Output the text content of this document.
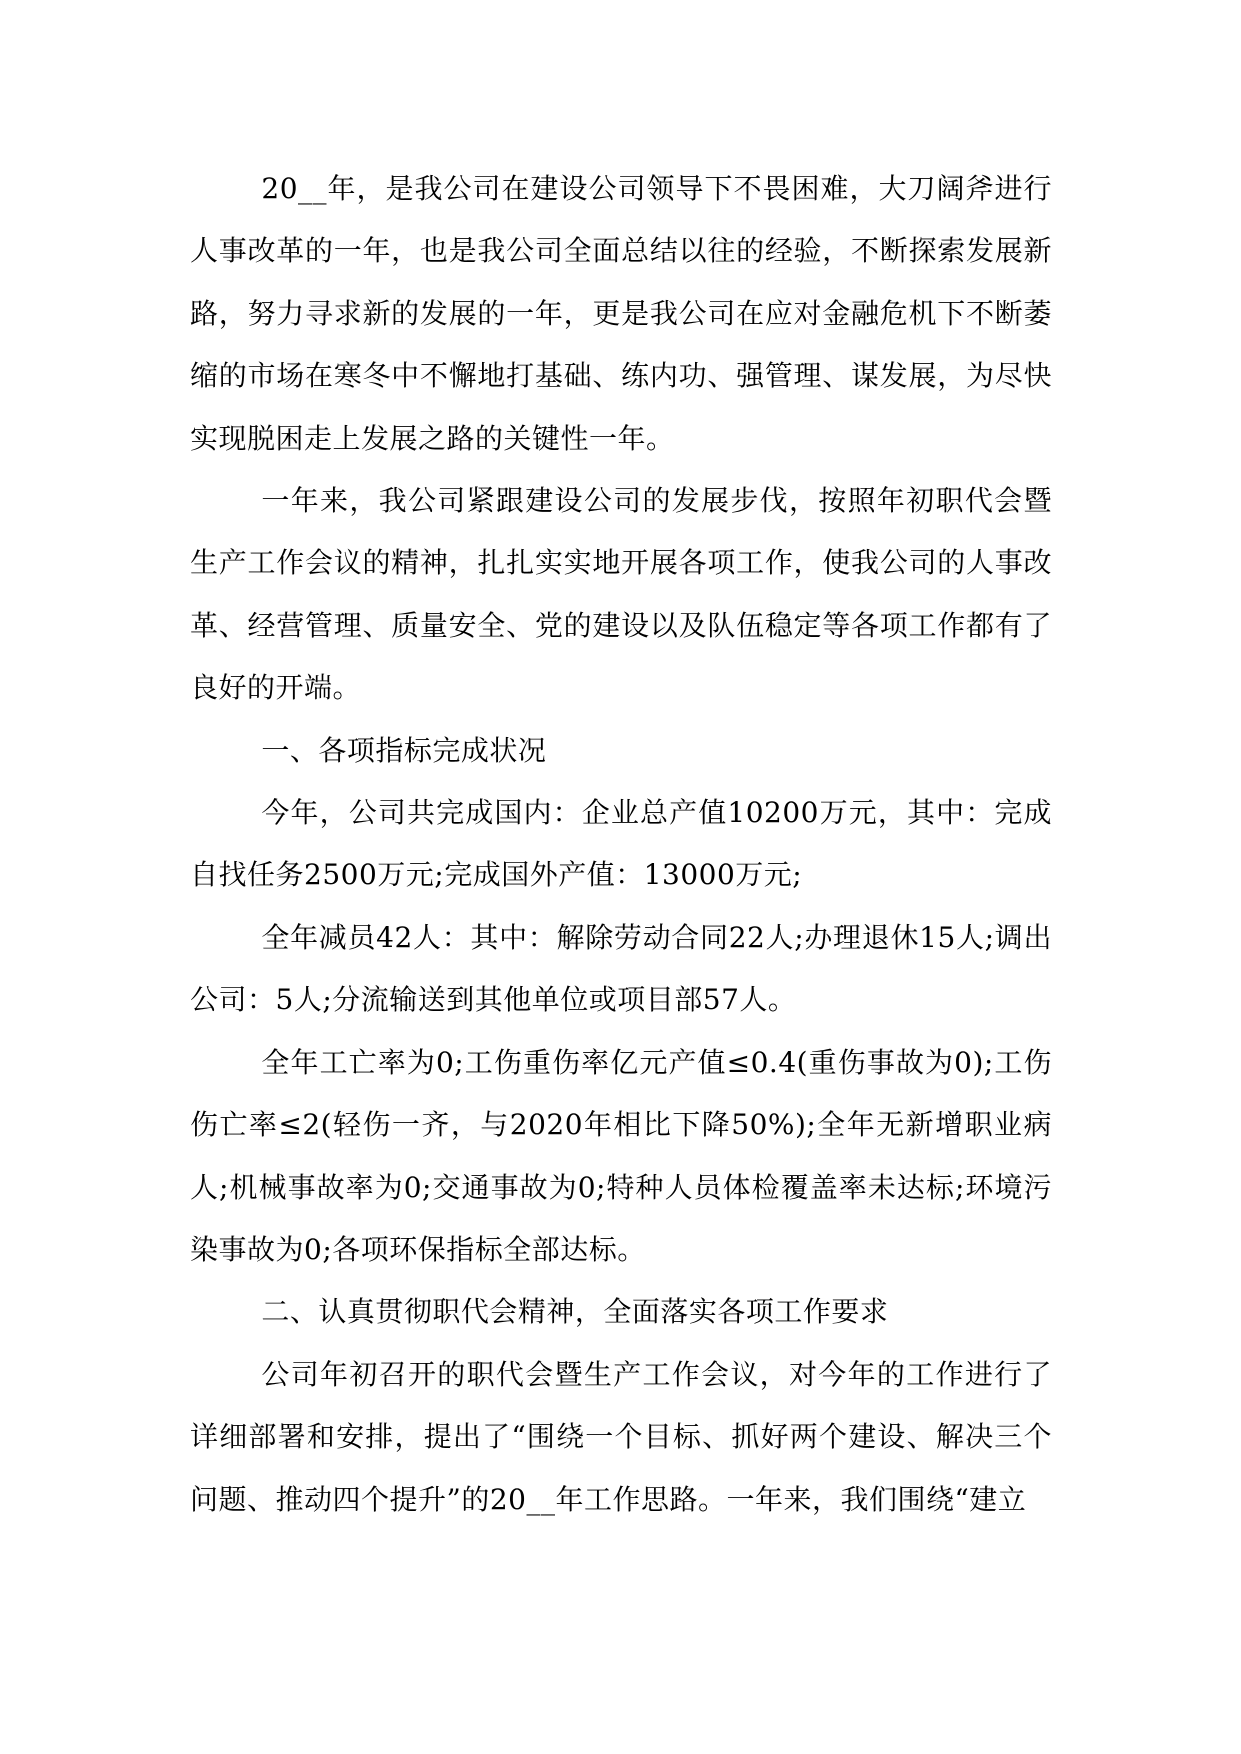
20__年，是我公司在建设公司领导下不畏困难，大刀阔斧进行人事改革的一年，也是我公司全面总结以往的经验，不断探索发展新路，努力寻求新的发展的一年，更是我公司在应对金融危机下不断萎缩的市场在寒冬中不懈地打基础、练内功、强管理、谋发展，为尽快实现脱困走上发展之路的关键性一年。

一年来，我公司紧跟建设公司的发展步伐，按照年初职代会暨生产工作会议的精神，扎扎实实地开展各项工作，使我公司的人事改革、经营管理、质量安全、党的建设以及队伍稳定等各项工作都有了良好的开端。

一、各项指标完成状况

今年，公司共完成国内：企业总产值10200万元，其中：完成自找任务2500万元;完成国外产值：13000万元;

全年减员42人：其中：解除劳动合同22人;办理退休15人;调出公司：5人;分流输送到其他单位或项目部57人。

全年工亡率为0;工伤重伤率亿元产值≤0.4(重伤事故为0);工伤伤亡率≤2(轻伤一齐，与2020年相比下降50%);全年无新增职业病人;机械事故率为0;交通事故为0;特种人员体检覆盖率未达标;环境污染事故为0;各项环保指标全部达标。

二、认真贯彻职代会精神，全面落实各项工作要求

公司年初召开的职代会暨生产工作会议，对今年的工作进行了详细部署和安排，提出了“围绕一个目标、抓好两个建设、解决三个问题、推动四个提升”的20__年工作思路。一年来，我们围绕“建立
